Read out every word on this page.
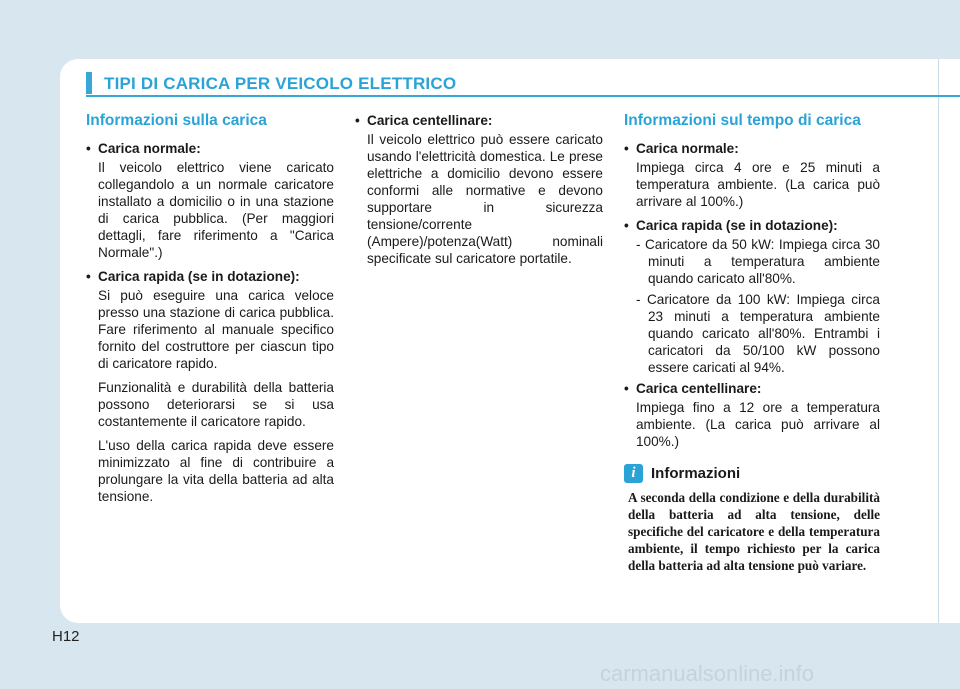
TIPI DI CARICA PER VEICOLO ELETTRICO
Informazioni sulla carica
• Carica normale:

Il veicolo elettrico viene caricato collegandolo a un normale caricatore installato a domicilio o in una stazione di carica pubblica. (Per maggiori dettagli, fare riferimento a "Carica Normale".)

• Carica rapida (se in dotazione):

Si può eseguire una carica veloce presso una stazione di carica pubblica. Fare riferimento al manuale specifico fornito del costruttore per ciascun tipo di caricatore rapido.

Funzionalità e durabilità della batteria possono deteriorarsi se si usa costantemente il caricatore rapido.

L'uso della carica rapida deve essere minimizzato al fine di contribuire a prolungare la vita della batteria ad alta tensione.

• Carica centellinare:

Il veicolo elettrico può essere caricato usando l'elettricità domestica. Le prese elettriche a domicilio devono essere conformi alle normative e devono supportare in sicurezza tensione/corrente (Ampere)/potenza(Watt) nominali specificate sul caricatore portatile.

Informazioni sul tempo di carica
• Carica normale:

Impiega circa 4 ore e 25 minuti a temperatura ambiente. (La carica può arrivare al 100%.)

• Carica rapida (se in dotazione):

- Caricatore da 50 kW: Impiega circa 30 minuti a temperatura ambiente quando caricato all'80%.

- Caricatore da 100 kW: Impiega circa 23 minuti a temperatura ambiente quando caricato all'80%. Entrambi i caricatori da 50/100 kW possono essere caricati al 94%.

• Carica centellinare:

Impiega fino a 12 ore a temperatura ambiente. (La carica può arrivare al 100%.)

i	Informazioni

A seconda della condizione e della durabilità della batteria ad alta tensione, delle specifiche del caricatore e della temperatura ambiente, il tempo richiesto per la carica della batteria ad alta tensione può variare.

H12
carmanualsonline.info
